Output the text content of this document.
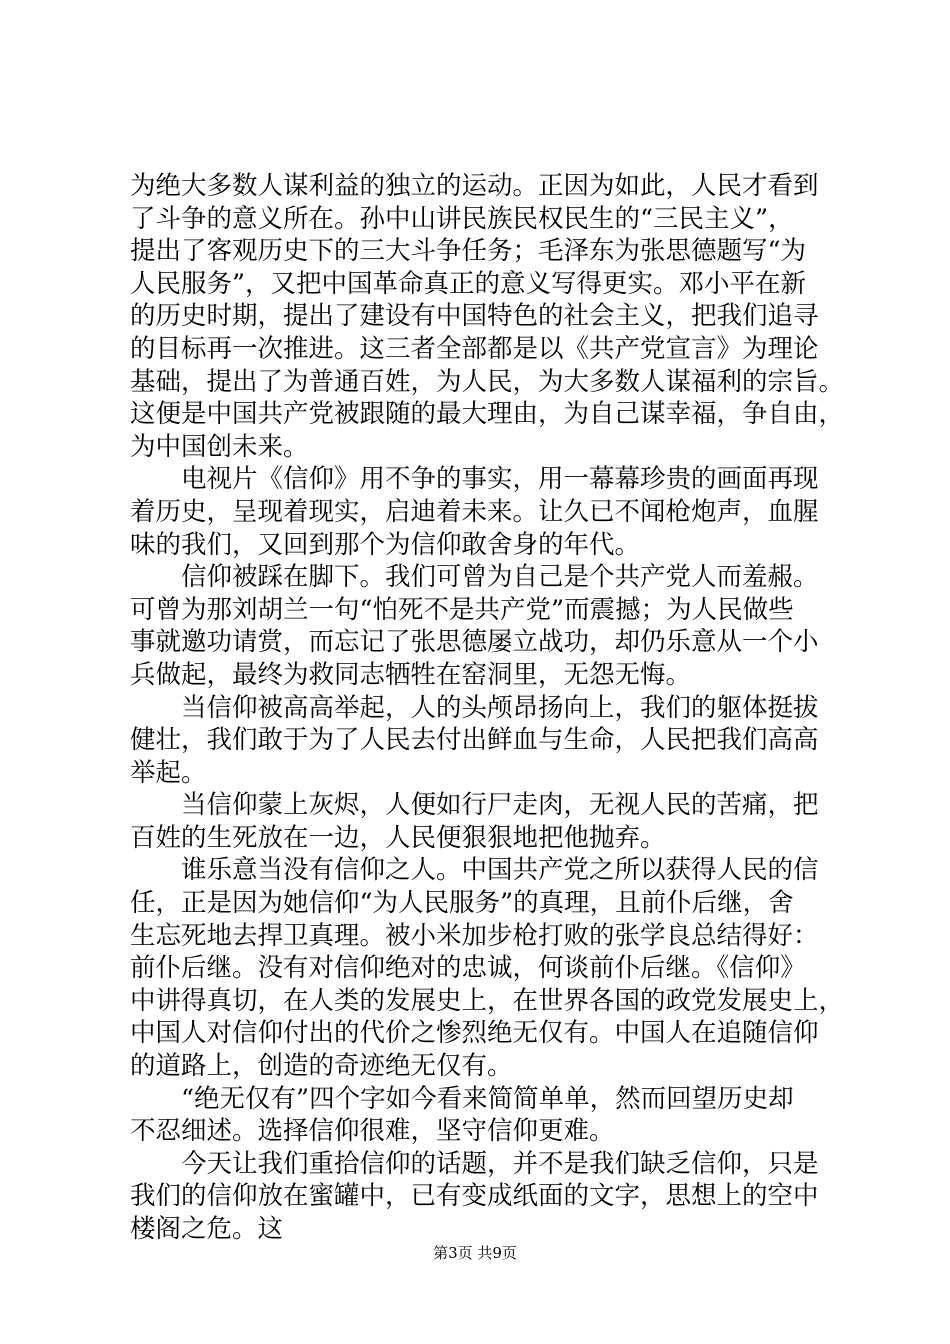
为绝大多数人谋利益的独立的运动。正因为如此，人民才看到
了斗争的意义所在。孙中山讲民族民权民生的“三民主义”，
提出了客观历史下的三大斗争任务；毛泽东为张思德题写“为
人民服务”，又把中国革命真正的意义写得更实。邓小平在新
的历史时期，提出了建设有中国特色的社会主义，把我们追寻
的目标再一次推进。这三者全部都是以《共产党宣言》为理论
基础，提出了为普通百姓，为人民，为大多数人谋福利的宗旨。
这便是中国共产党被跟随的最大理由，为自己谋幸福，争自由，
为中国创未来。
　　电视片《信仰》用不争的事实，用一幕幕珍贵的画面再现
着历史，呈现着现实，启迪着未来。让久已不闻枪炮声，血腥
味的我们，又回到那个为信仰敢舍身的年代。
　　信仰被踩在脚下。我们可曾为自己是个共产党人而羞赧。
可曾为那刘胡兰一句“怕死不是共产党”而震撼；为人民做些
事就邀功请赏，而忘记了张思德屡立战功，却仍乐意从一个小
兵做起，最终为救同志牺牲在窑洞里，无怨无悔。
　　当信仰被高高举起，人的头颅昂扬向上，我们的躯体挺拔
健壮，我们敢于为了人民去付出鲜血与生命，人民把我们高高
举起。
　　当信仰蒙上灰烬，人便如行尸走肉，无视人民的苦痛，把
百姓的生死放在一边，人民便狠狠地把他抛弃。
　　谁乐意当没有信仰之人。中国共产党之所以获得人民的信
任，正是因为她信仰“为人民服务”的真理，且前仆后继，舍
生忘死地去捍卫真理。被小米加步枪打败的张学良总结得好：
前仆后继。没有对信仰绝对的忠诚，何谈前仆后继。《信仰》
中讲得真切，在人类的发展史上，在世界各国的政党发展史上，
中国人对信仰付出的代价之惨烈绝无仅有。中国人在追随信仰
的道路上，创造的奇迹绝无仅有。
　　“绝无仅有”四个字如今看来简简单单，然而回望历史却
不忍细述。选择信仰很难，坚守信仰更难。
　　今天让我们重拾信仰的话题，并不是我们缺乏信仰，只是
我们的信仰放在蜜罐中，已有变成纸面的文字，思想上的空中
楼阁之危。这
第3页 共9页
